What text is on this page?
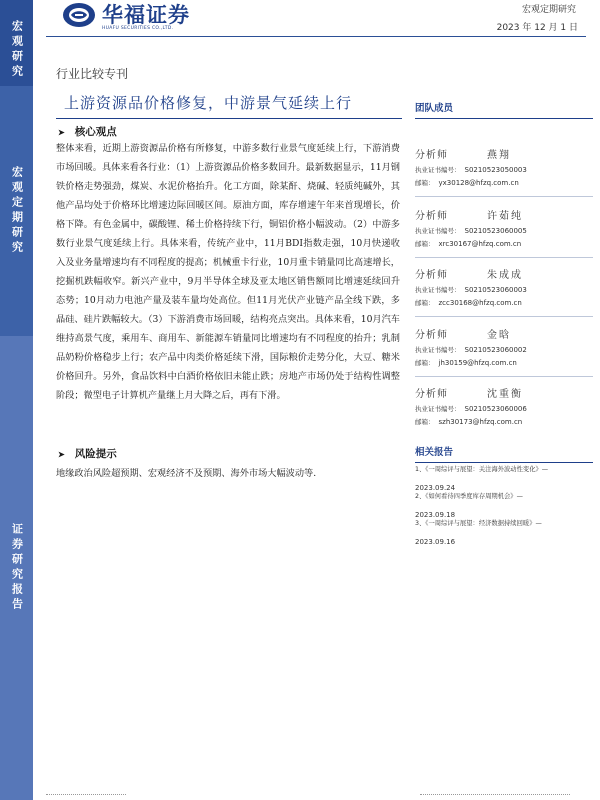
宏观研究
宏观定期研究
证券研究报告
华福证券
HUAFU SECURITIES CO.,LTD.
宏观定期研究
2023 年 12 月 1 日
行业比较专刊
上游资源品价格修复，中游景气延续上行
➤ 核心观点
整体来看，近期上游资源品价格有所修复，中游多数行业景气度延续上行，下游消费市场回暖。具体来看各行业：（1）上游资源品价格多数回升。最新数据显示，11月钢铁价格走势强劲，煤炭、水泥价格抬升。化工方面，除某酐、烧碱、轻质纯碱外，其他产品均处于价格环比增速边际回暖区间。原油方面，库存增速午年来首现增长，价格下降。有色金属中，碳酸锂、稀土价格持续下行，铜铝价格小幅波动。（2）中游多数行业景气度延续上行。具体来看，传统产业中，11月BDI指数走强，10月快递收入及业务量增速均有不同程度的提高；机械重卡行业，10月重卡销量同比高速增长，挖掘机跌幅收窄。新兴产业中，9月半导体全球及亚太地区销售额同比增速延续回升态势；10月动力电池产量及装车量均处高位。但11月光伏产业链产品全线下跌，多晶硅、硅片跌幅较大。（3）下游消费市场回暖，结构亮点突出。具体来看，10月汽车维持高景气度，乘用车、商用车、新能源车销量同比增速均有不同程度的抬升；乳制品奶粉价格稳步上行；农产品中肉类价格延续下滑，国际粮价走势分化，大豆、糖米价格回升。另外，食品饮料中白酒价格依旧未能止跌；房地产市场仍处于结构性调整阶段；微型电子计算机产量继上月大降之后，再有下滑。
➤ 风险提示
地缘政治风险超预期、宏观经济不及预期、海外市场大幅波动等.
团队成员
分析师	燕翔
执业证书编号： S0210523050003
邮箱： yx30128@hfzq.com.cn
分析师	许茹纯
执业证书编号： S0210523060005
邮箱： xrc30167@hfzq.com.cn
分析师	朱成成
执业证书编号： S0210523060003
邮箱： zcc30168@hfzq.com.cn
分析师	金晗
执业证书编号： S0210523060002
邮箱： jh30159@hfzq.com.cn
分析师	沈重衡
执业证书编号： S0210523060006
邮箱： szh30173@hfzq.com.cn
相关报告
1、《一周综评与展望：关注海外波动性变化》—
2023.09.24
2、《如何看待四季度库存周期机会》—
2023.09.18
3、《一周综评与展望：经济数据持续回暖》—
2023.09.16
